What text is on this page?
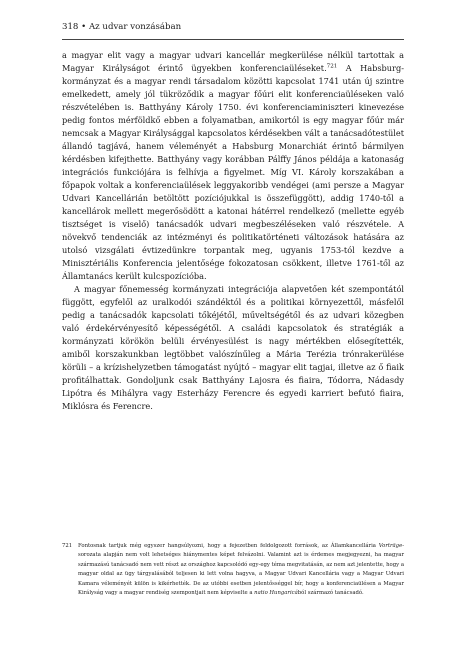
318 • Az udvar vonzásában

a magyar elit vagy a magyar udvari kancellár megkerülése nélkül tartottak a Magyar Királyságot érintő ügyekben konferenciaüléseket.$^{721}$ A Habsburg-kormányzat és a magyar rendi társadalom közötti kapcsolat 1741 után új szintre emelkedett, amely jól tükröződik a magyar főúri elit konferenciaüléseken való részvételében is. Batthyány Károly 1750. évi konferenciaminiszteri kinevezése pedig fontos mérföldkő ebben a folyamatban, amikortól is egy magyar főúr már nemcsak a Magyar Királysággal kapcsolatos kérdésekben vált a tanácsadótestület állandó tagjává, hanem véleményét a Habsburg Monarchiát érintő bármilyen kérdésben kifejthette. Batthyány vagy korábban Pálffy János példája a katonaság integrációs funkciójára is felhívja a figyelmet. Míg VI. Károly korszakában a főpapok voltak a konferenciaülések leggyakoribb vendégei (ami persze a Magyar Udvari Kancellárián betöltött pozíciójukkal is összefüggött), addig 1740-től a kancellárok mellett megerősödött a katonai hátérrel rendelkező (mellette egyéb tisztséget is viselő) tanácsadók udvari megbeszéléseken való részvétele. A növekvő tendenciák az intézményi és politikatörténeti változások hatására az utolsó vizsgálati évtizedünkre torpantak meg, ugyanis 1753-tól kezdve a Minisztériális Konferencia jelentősége fokozatosan csökkent, illetve 1761-től az Államtanács került kulcspozícióba.

A magyar főnemesség kormányzati integrációja alapvetően két szempontától függött, egyfelől az uralkodói szándéktól és a politikai környezettől, másfelől pedig a tanácsadók kapcsolati tőkéjétől, műveltségétől és az udvari közegben való érdekérvényesítő képességétől. A családi kapcsolatok és stratégiák a kormányzati körökön belüli érvényesülést is nagy mértékben elősegítették, amiből korszakunkban legtöbbet valószínűleg a Mária Terézia trónrakerülése körüli – a krízishelyzetben támogatást nyújtó – magyar elit tagjai, illetve az ő fiaik profitálhattak. Gondoljunk csak Batthyány Lajosra és fiaira, Tódorra, Nádasdy Lipótra és Mihályra vagy Esterházy Ferencre és egyedi karriert befutó fiaira, Miklósra és Ferencre.

721	Fontosnak tartjuk még egyszer hangsúlyozni, hogy a fejezetben feldolgozott források, az Államkancellária Vorträge-sorozata alapján nem volt lehetséges hiánymentes képet felvázolni. Valamint azt is érdemes megjegyezni, ha magyar származású tanácsadó nem vett részt az országhoz kapcsolódó egy-egy téma megvitatásán, az nem azt jelentette, hogy a magyar oldal az ügy tárgyalásából teljesen ki lett volna hagyva, a Magyar Udvari Kancellária vagy a Magyar Udvari Kamara véleményét külön is kikérhették. De az utóbbi esetben jelentősséggel bír, hogy a konferenciaülésen a Magyar Királyság vagy a magyar rendiség szempontjait nem képviselte a natio Hungaricából származó tanácsadó.
